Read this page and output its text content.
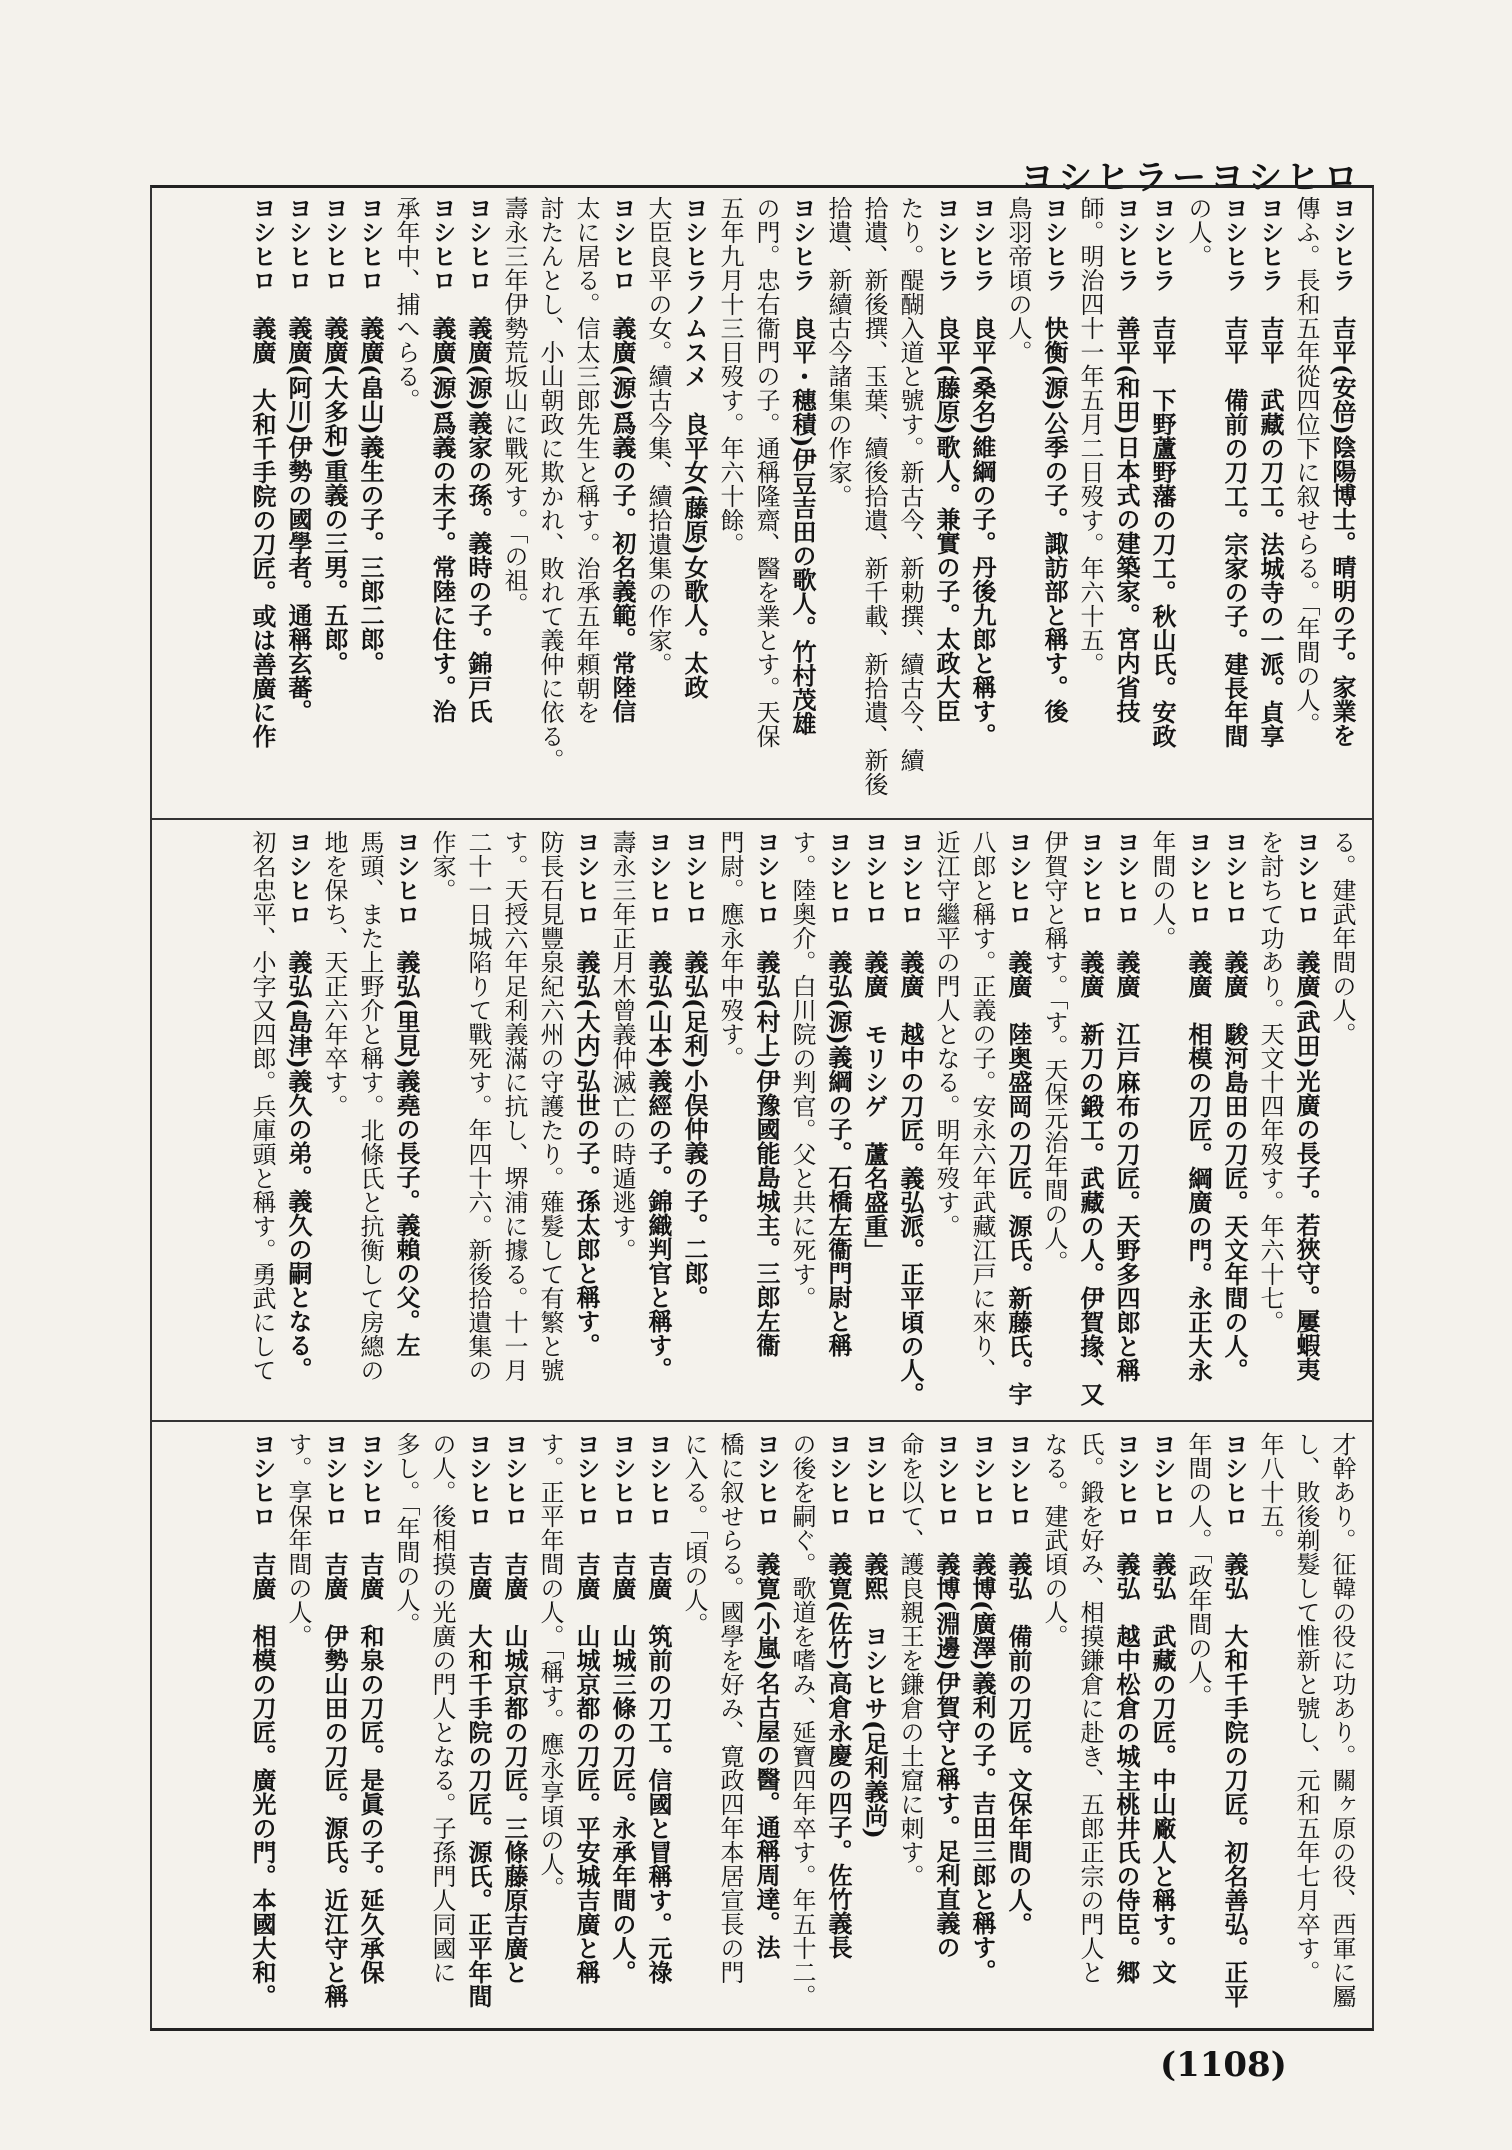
ヨシヒラーヨシヒロ
ヨシヒラ　吉平(安倍)陰陽博士。晴明の子。家業を
傳ふ。長和五年從四位下に叙せらる。「年間の人。
ヨシヒラ　吉平　武藏の刀工。法城寺の一派。貞享
ヨシヒラ　吉平　備前の刀工。宗家の子。建長年間
の人。
ヨシヒラ　吉平　下野蘆野藩の刀工。秋山氏。安政
ヨシヒラ　善平(和田)日本式の建築家。宮内省技
師。明治四十一年五月二日歿す。年六十五。
ヨシヒラ　快衡(源)公季の子。諏訪部と稱す。後
鳥羽帝頃の人。
ヨシヒラ　良平(桑名)維綱の子。丹後九郎と稱す。
ヨシヒラ　良平(藤原)歌人。兼實の子。太政大臣
たり。醍醐入道と號す。新古今、新勅撰、續古今、續
拾遺、新後撰、玉葉、續後拾遺、新千載、新拾遺、新後
拾遺、新續古今諸集の作家。
ヨシヒラ　良平・穗積)伊豆吉田の歌人。竹村茂雄
の門。忠右衞門の子。通稱隆齋、醫を業とす。天保
五年九月十三日歿す。年六十餘。
ヨシヒラノムスメ　良平女(藤原)女歌人。太政
大臣良平の女。續古今集、續拾遺集の作家。
ヨシヒロ　義廣(源)爲義の子。初名義範。常陸信
太に居る。信太三郎先生と稱す。治承五年頼朝を
討たんとし、小山朝政に欺かれ、敗れて義仲に依る。
壽永三年伊勢荒坂山に戰死す。「の祖。
ヨシヒロ　義廣(源)義家の孫。義時の子。錦戸氏
ヨシヒロ　義廣(源)爲義の末子。常陸に住す。治
承年中、捕へらる。
ヨシヒロ　義廣(畠山)義生の子。三郎二郎。
ヨシヒロ　義廣(大多和)重義の三男。五郎。
ヨシヒロ　義廣(阿川)伊勢の國學者。通稱玄蕃。
ヨシヒロ　義廣　大和千手院の刀匠。或は善廣に作
る。建武年間の人。
ヨシヒロ　義廣(武田)光廣の長子。若狹守。屢蝦夷
を討ちて功あり。天文十四年歿す。年六十七。
ヨシヒロ　義廣　駿河島田の刀匠。天文年間の人。
ヨシヒロ　義廣　相模の刀匠。綱廣の門。永正大永
年間の人。
ヨシヒロ　義廣　江戸麻布の刀匠。天野多四郎と稱
ヨシヒロ　義廣　新刀の鍛工。武藏の人。伊賀掾、又
伊賀守と稱す。「す。天保元治年間の人。
ヨシヒロ　義廣　陸奥盛岡の刀匠。源氏。新藤氏。宇
八郎と稱す。正義の子。安永六年武藏江戸に來り、
近江守繼平の門人となる。明年歿す。
ヨシヒロ　義廣　越中の刀匠。義弘派。正平頃の人。
ヨシヒロ　義廣　モリシゲ　蘆名盛重」
ヨシヒロ　義弘(源)義綱の子。石橋左衞門尉と稱
す。陸奥介。白川院の判官。父と共に死す。
ヨシヒロ　義弘(村上)伊豫國能島城主。三郎左衞
門尉。應永年中歿す。
ヨシヒロ　義弘(足利)小俣仲義の子。二郎。
ヨシヒロ　義弘(山本)義經の子。錦織判官と稱す。
壽永三年正月木曾義仲滅亡の時遁逃す。
ヨシヒロ　義弘(大内)弘世の子。孫太郎と稱す。
防長石見豐泉紀六州の守護たり。薙髮して有繁と號
す。天授六年足利義滿に抗し、堺浦に據る。十一月
二十一日城陷りて戰死す。年四十六。新後拾遺集の
作家。
ヨシヒロ　義弘(里見)義堯の長子。義賴の父。左
馬頭、また上野介と稱す。北條氏と抗衡して房總の
地を保ち、天正六年卒す。
ヨシヒロ　義弘(島津)義久の弟。義久の嗣となる。
初名忠平、小字又四郎。兵庫頭と稱す。勇武にして
才幹あり。征韓の役に功あり。關ヶ原の役、西軍に屬
し、敗後剃髮して惟新と號し、元和五年七月卒す。
年八十五。
ヨシヒロ　義弘　大和千手院の刀匠。初名善弘。正平
年間の人。「政年間の人。
ヨシヒロ　義弘　武藏の刀匠。中山廠人と稱す。文
ヨシヒロ　義弘　越中松倉の城主桃井氏の侍臣。郷
氏。鍛を好み、相摸鎌倉に赴き、五郎正宗の門人と
なる。建武頃の人。
ヨシヒロ　義弘　備前の刀匠。文保年間の人。
ヨシヒロ　義博(廣澤)義利の子。吉田三郎と稱す。
ヨシヒロ　義博(淵邊)伊賀守と稱す。足利直義の
命を以て、護良親王を鎌倉の土窟に刺す。
ヨシヒロ　義熙　ヨシヒサ(足利義尚)
ヨシヒロ　義寛(佐竹)高倉永慶の四子。佐竹義長
の後を嗣ぐ。歌道を嗜み、延寶四年卒す。年五十二。
ヨシヒロ　義寛(小嵐)名古屋の醫。通稱周達。法
橋に叙せらる。國學を好み、寛政四年本居宣長の門
に入る。「頃の人。
ヨシヒロ　吉廣　筑前の刀工。信國と冒稱す。元祿
ヨシヒロ　吉廣　山城三條の刀匠。永承年間の人。
ヨシヒロ　吉廣　山城京都の刀匠。平安城吉廣と稱
す。正平年間の人。「稱す。應永享頃の人。
ヨシヒロ　吉廣　山城京都の刀匠。三條藤原吉廣と
ヨシヒロ　吉廣　大和千手院の刀匠。源氏。正平年間
の人。後相摸の光廣の門人となる。子孫門人同國に
多し。「年間の人。
ヨシヒロ　吉廣　和泉の刀匠。是眞の子。延久承保
ヨシヒロ　吉廣　伊勢山田の刀匠。源氏。近江守と稱
す。享保年間の人。
ヨシヒロ　吉廣　相模の刀匠。廣光の門。本國大和。
(1108)
